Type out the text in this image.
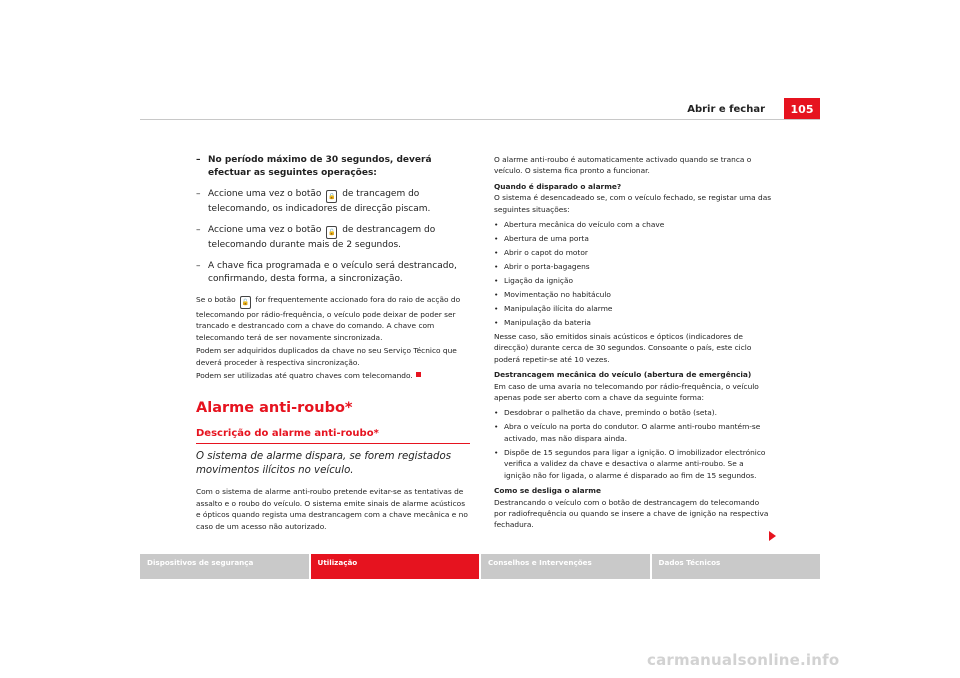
Abrir e fechar	105
– No período máximo de 30 segundos, deverá efectuar as seguintes operações:
– Accione uma vez o botão 🔒 de trancagem do telecomando, os indicadores de direcção piscam.
– Accione uma vez o botão 🔓 de destrancagem do telecomando durante mais de 2 segundos.
– A chave fica programada e o veículo será destrancado, confirmando, desta forma, a sincronização.

Se o botão 🔓 for frequentemente accionado fora do raio de acção do telecomando por rádio-frequência, o veículo pode deixar de poder ser trancado e destrancado com a chave do comando. A chave com telecomando terá de ser novamente sincronizada.

Podem ser adquiridos duplicados da chave no seu Serviço Técnico que deverá proceder à respectiva sincronização.

Podem ser utilizadas até quatro chaves com telecomando.

Alarme anti-roubo*
Descrição do alarme anti-roubo*
O sistema de alarme dispara, se forem registados movimentos ilícitos no veículo.

Com o sistema de alarme anti-roubo pretende evitar-se as tentativas de assalto e o roubo do veículo. O sistema emite sinais de alarme acústicos e ópticos quando regista uma destrancagem com a chave mecânica e no caso de um acesso não autorizado.

O alarme anti-roubo é automaticamente activado quando se tranca o veículo. O sistema fica pronto a funcionar.

Quando é disparado o alarme?

O sistema é desencadeado se, com o veículo fechado, se registar uma das seguintes situações:

• Abertura mecânica do veículo com a chave
• Abertura de uma porta
• Abrir o capot do motor
• Abrir o porta-bagagens
• Ligação da ignição
• Movimentação no habitáculo
• Manipulação ilícita do alarme
• Manipulação da bateria

Nesse caso, são emitidos sinais acústicos e ópticos (indicadores de direcção) durante cerca de 30 segundos. Consoante o país, este ciclo poderá repetir-se até 10 vezes.

Destrancagem mecânica do veículo (abertura de emergência)

Em caso de uma avaria no telecomando por rádio-frequência, o veículo apenas pode ser aberto com a chave da seguinte forma:

• Desdobrar o palhetão da chave, premindo o botão (seta).
• Abra o veículo na porta do condutor. O alarme anti-roubo mantém-se activado, mas não dispara ainda.
• Dispõe de 15 segundos para ligar a ignição. O imobilizador electrónico verifica a validez da chave e desactiva o alarme anti-roubo. Se a ignição não for ligada, o alarme é disparado ao fim de 15 segundos.

Como se desliga o alarme

Destrancando o veículo com o botão de destrancagem do telecomando por radiofrequência ou quando se insere a chave de ignição na respectiva fechadura.

Dispositivos de segurança	Utilização	Conselhos e Intervenções	Dados Técnicos
carmanualsonline.info
